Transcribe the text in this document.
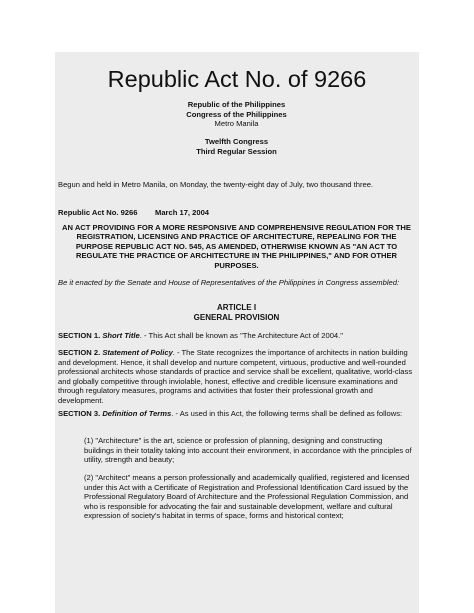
Republic Act No. of 9266
Republic of the Philippines
Congress of the Philippines
Metro Manila
Twelfth Congress
Third Regular Session
Begun and held in Metro Manila, on Monday, the twenty-eight day of July, two thousand three.
Republic Act No. 9266 March 17, 2004
AN ACT PROVIDING FOR A MORE RESPONSIVE AND COMPREHENSIVE REGULATION FOR THE REGISTRATION, LICENSING AND PRACTICE OF ARCHITECTURE, REPEALING FOR THE PURPOSE REPUBLIC ACT NO. 545, AS AMENDED, OTHERWISE KNOWN AS "AN ACT TO REGULATE THE PRACTICE OF ARCHITECTURE IN THE PHILIPPINES," AND FOR OTHER PURPOSES.
Be it enacted by the Senate and House of Representatives of the Philippines in Congress assembled:
ARTICLE I
GENERAL PROVISION
SECTION 1. Short Title. - This Act shall be known as "The Architecture Act of 2004."
SECTION 2. Statement of Policy. - The State recognizes the importance of architects in nation building and development. Hence, it shall develop and nurture competent, virtuous, productive and well-rounded professional architects whose standards of practice and service shall be excellent, qualitative, world-class and globally competitive through inviolable, honest, effective and credible licensure examinations and through regulatory measures, programs and activities that foster their professional growth and development.
SECTION 3. Definition of Terms. - As used in this Act, the following terms shall be defined as follows:
(1) "Architecture" is the art, science or profession of planning, designing and constructing buildings in their totality taking into account their environment, in accordance with the principles of utility, strength and beauty;
(2) "Architect" means a person professionally and academically qualified, registered and licensed under this Act with a Certificate of Registration and Professional Identification Card issued by the Professional Regulatory Board of Architecture and the Professional Regulation Commission, and who is responsible for advocating the fair and sustainable development, welfare and cultural expression of society's habitat in terms of space, forms and historical context;
